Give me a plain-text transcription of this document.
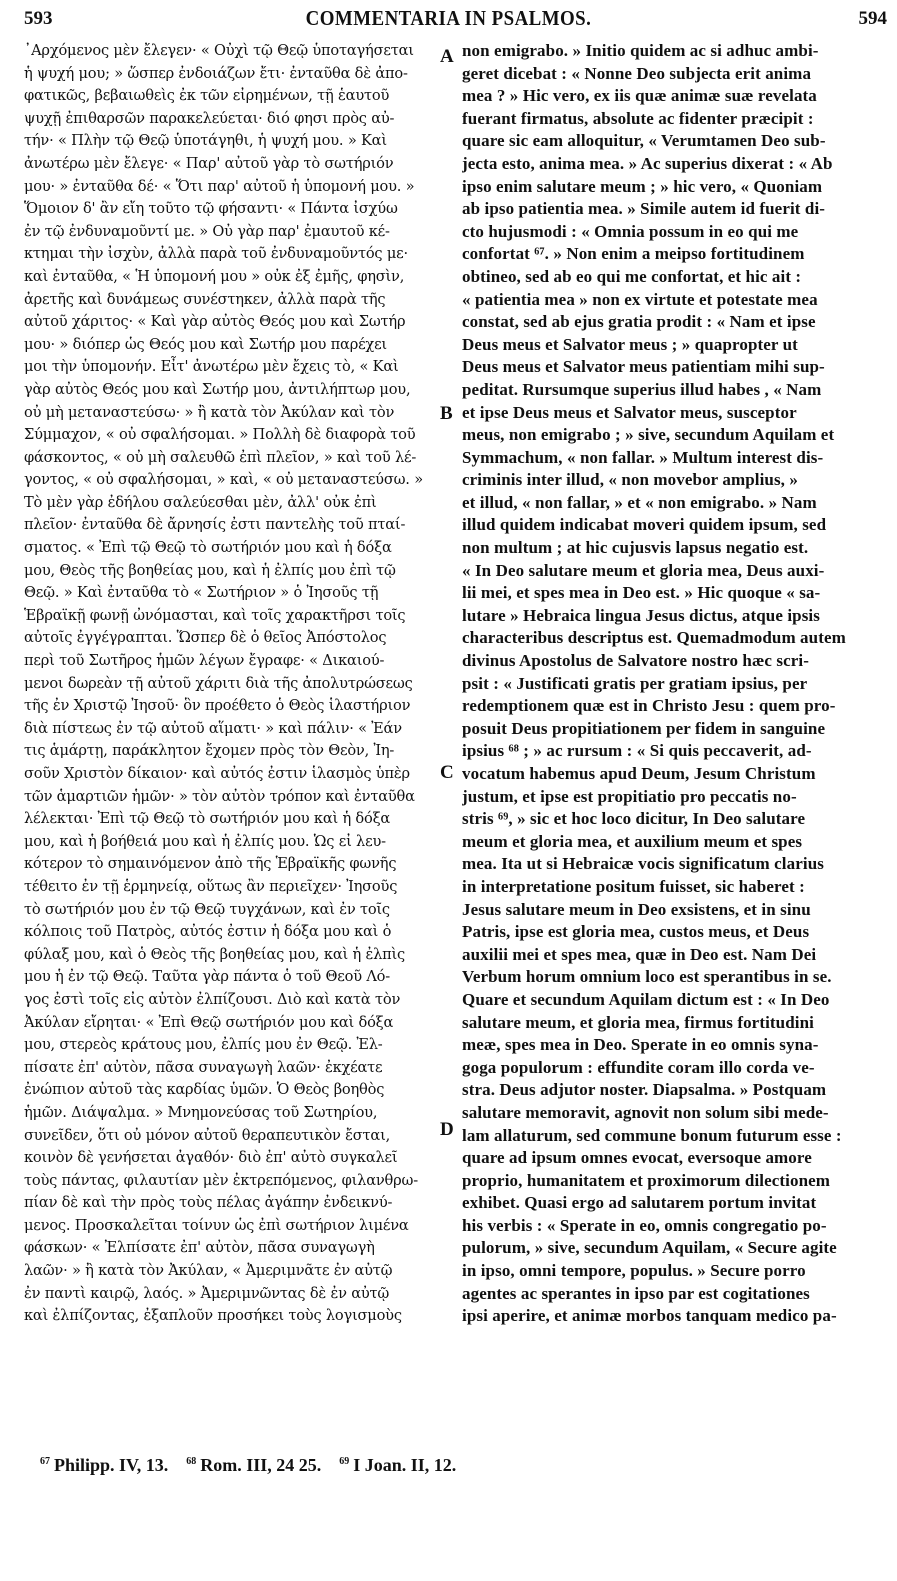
593	COMMENTARIA IN PSALMOS.	594
᾿Αρχόμενος μὲν ἔλεγεν· « Οὐχὶ τῷ Θεῷ ὑποταγήσεται
ἡ ψυχή μου; » ὥσπερ ἐνδοιάζων ἔτι· ἐνταῦθα δὲ ἀπο-
φατικῶς, βεβαιωθεὶς ἐκ τῶν εἰρημένων, τῇ ἑαυτοῦ
ψυχῇ ἐπιθαρσῶν παρακελεύεται· διό φησι πρὸς αὐ-
τήν· « Πλὴν τῷ Θεῷ ὑποτάγηθι, ἡ ψυχή μου. » Καὶ
ἀνωτέρω μὲν ἔλεγε· « Παρ' αὐτοῦ γὰρ τὸ σωτήριόν
μου· » ἐνταῦθα δέ· « Ὅτι παρ' αὐτοῦ ἡ ὑπομονή μου. »
Ὅμοιον δ' ἂν εἴη τοῦτο τῷ φήσαντι· « Πάντα ἰσχύω
ἐν τῷ ἐνδυναμοῦντί με. » Οὐ γὰρ παρ' ἐμαυτοῦ κέ-
κτημαι τὴν ἰσχὺν, ἀλλὰ παρὰ τοῦ ἐνδυναμοῦντός με·
καὶ ἐνταῦθα, « Ἡ ὑπομονή μου » οὐκ ἐξ ἐμῆς, φησὶν,
ἀρετῆς καὶ δυνάμεως συνέστηκεν, ἀλλὰ παρὰ τῆς
αὐτοῦ χάριτος· « Καὶ γὰρ αὐτὸς Θεός μου καὶ Σωτήρ
μου· » διόπερ ὡς Θεός μου καὶ Σωτήρ μου παρέχει
μοι τὴν ὑπομονήν. Εἶτ' ἀνωτέρω μὲν ἔχεις τὸ, « Καὶ
γὰρ αὐτὸς Θεός μου καὶ Σωτήρ μου, ἀντιλήπτωρ μου,
οὐ μὴ μεταναστεύσω· » ἢ κατὰ τὸν Ἀκύλαν καὶ τὸν
Σύμμαχον, « οὐ σφαλήσομαι. » Πολλὴ δὲ διαφορὰ τοῦ
φάσκοντος, « οὐ μὴ σαλευθῶ ἐπὶ πλεῖον, » καὶ τοῦ λέ-
γοντος, « οὐ σφαλήσομαι, » καὶ, « οὐ μεταναστεύσω. »
Τὸ μὲν γὰρ ἐδήλου σαλεύεσθαι μὲν, ἀλλ' οὐκ ἐπὶ
πλεῖον· ἐνταῦθα δὲ ἄρνησίς ἐστι παντελὴς τοῦ πταί-
σματος. « Ἐπὶ τῷ Θεῷ τὸ σωτήριόν μου καὶ ἡ δόξα
μου, Θεὸς τῆς βοηθείας μου, καὶ ἡ ἐλπίς μου ἐπὶ τῷ
Θεῷ. » Καὶ ἐνταῦθα τὸ « Σωτήριον » ὁ Ἰησοῦς τῇ
Ἑβραϊκῇ φωνῇ ὠνόμασται, καὶ τοῖς χαρακτῆρσι τοῖς
αὐτοῖς ἐγγέγραπται. Ὥσπερ δὲ ὁ θεῖος Ἀπόστολος
περὶ τοῦ Σωτῆρος ἡμῶν λέγων ἔγραφε· « Δικαιού-
μενοι δωρεὰν τῇ αὐτοῦ χάριτι διὰ τῆς ἀπολυτρώσεως
τῆς ἐν Χριστῷ Ἰησοῦ· ὃν προέθετο ὁ Θεὸς ἱλαστήριον
διὰ πίστεως ἐν τῷ αὐτοῦ αἵματι· » καὶ πάλιν· « Ἐάν
τις ἁμάρτῃ, παράκλητον ἔχομεν πρὸς τὸν Θεὸν, Ἰη-
σοῦν Χριστὸν δίκαιον· καὶ αὐτός ἐστιν ἱλασμὸς ὑπὲρ
τῶν ἁμαρτιῶν ἡμῶν· » τὸν αὐτὸν τρόπον καὶ ἐνταῦθα
λέλεκται· Ἐπὶ τῷ Θεῷ τὸ σωτήριόν μου καὶ ἡ δόξα
μου, καὶ ἡ βοήθειά μου καὶ ἡ ἐλπίς μου. Ὡς εἰ λευ-
κότερον τὸ σημαινόμενον ἀπὸ τῆς Ἑβραϊκῆς φωνῆς
τέθειτο ἐν τῇ ἑρμηνείᾳ, οὕτως ἂν περιεῖχεν· Ἰησοῦς
τὸ σωτήριόν μου ἐν τῷ Θεῷ τυγχάνων, καὶ ἐν τοῖς
κόλποις τοῦ Πατρὸς, αὐτός ἐστιν ἡ δόξα μου καὶ ὁ
φύλαξ μου, καὶ ὁ Θεὸς τῆς βοηθείας μου, καὶ ἡ ἐλπὶς
μου ἡ ἐν τῷ Θεῷ. Ταῦτα γὰρ πάντα ὁ τοῦ Θεοῦ Λό-
γος ἐστὶ τοῖς εἰς αὐτὸν ἐλπίζουσι. Διὸ καὶ κατὰ τὸν
Ἀκύλαν εἴρηται· « Ἐπὶ Θεῷ σωτήριόν μου καὶ δόξα
μου, στερεὸς κράτους μου, ἐλπίς μου ἐν Θεῷ. Ἐλ-
πίσατε ἐπ' αὐτὸν, πᾶσα συναγωγὴ λαῶν· ἐκχέατε
ἐνώπιον αὐτοῦ τὰς καρδίας ὑμῶν. Ὁ Θεὸς βοηθὸς
ἡμῶν. Διάψαλμα. » Μνημονεύσας τοῦ Σωτηρίου,
συνεῖδεν, ὅτι οὐ μόνον αὐτοῦ θεραπευτικὸν ἔσται,
κοινὸν δὲ γενήσεται ἀγαθόν· διὸ ἐπ' αὐτὸ συγκαλεῖ
τοὺς πάντας, φιλαυτίαν μὲν ἐκτρεπόμενος, φιλανθρω-
πίαν δὲ καὶ τὴν πρὸς τοὺς πέλας ἀγάπην ἐνδεικνύ-
μενος. Προσκαλεῖται τοίνυν ὡς ἐπὶ σωτήριον λιμένα
φάσκων· « Ἐλπίσατε ἐπ' αὐτὸν, πᾶσα συναγωγὴ
λαῶν· » ἢ κατὰ τὸν Ἀκύλαν, « Ἀμεριμνᾶτε ἐν αὐτῷ
ἐν παντὶ καιρῷ, λαός. » Ἀμεριμνῶντας δὲ ἐν αὐτῷ
καὶ ἐλπίζοντας, ἐξαπλοῦν προσήκει τοὺς λογισμοὺς
A
B
C
D
non emigrabo. » Initio quidem ac si adhuc ambi-
geret dicebat : « Nonne Deo subjecta erit anima
mea ? » Hic vero, ex iis quæ animæ suæ revelata
fuerant firmatus, absolute ac fidenter præcipit :
quare sic eam alloquitur, « Verumtamen Deo sub-
jecta esto, anima mea. » Ac superius dixerat : « Ab
ipso enim salutare meum ; » hic vero, « Quoniam
ab ipso patientia mea. » Simile autem id fuerit di-
cto hujusmodi : « Omnia possum in eo qui me
confortat ⁶⁷. » Non enim a meipso fortitudinem
obtineo, sed ab eo qui me confortat, et hic ait :
« patientia mea » non ex virtute et potestate mea
constat, sed ab ejus gratia prodit : « Nam et ipse
Deus meus et Salvator meus ; » quapropter ut
Deus meus et Salvator meus patientiam mihi sup-
peditat. Rursumque superius illud habes , « Nam
et ipse Deus meus et Salvator meus, susceptor
meus, non emigrabo ; » sive, secundum Aquilam et
Symmachum, « non fallar. » Multum interest dis-
criminis inter illud, « non movebor amplius, »
et illud, « non fallar, » et « non emigrabo. » Nam
illud quidem indicabat moveri quidem ipsum, sed
non multum ; at hic cujusvis lapsus negatio est.
« In Deo salutare meum et gloria mea, Deus auxi-
lii mei, et spes mea in Deo est. » Hic quoque « sa-
lutare » Hebraica lingua Jesus dictus, atque ipsis
characteribus descriptus est. Quemadmodum autem
divinus Apostolus de Salvatore nostro hæc scri-
psit : « Justificati gratis per gratiam ipsius, per
redemptionem quæ est in Christo Jesu : quem pro-
posuit Deus propitiationem per fidem in sanguine
ipsius ⁶⁸ ; » ac rursum : « Si quis peccaverit, ad-
vocatum habemus apud Deum, Jesum Christum
justum, et ipse est propitiatio pro peccatis no-
stris ⁶⁹, » sic et hoc loco dicitur, In Deo salutare
meum et gloria mea, et auxilium meum et spes
mea. Ita ut si Hebraicæ vocis significatum clarius
in interpretatione positum fuisset, sic haberet :
Jesus salutare meum in Deo exsistens, et in sinu
Patris, ipse est gloria mea, custos meus, et Deus
auxilii mei et spes mea, quæ in Deo est. Nam Dei
Verbum horum omnium loco est sperantibus in se.
Quare et secundum Aquilam dictum est : « In Deo
salutare meum, et gloria mea, firmus fortitudini
meæ, spes mea in Deo. Sperate in eo omnis syna-
goga populorum : effundite coram illo corda ve-
stra. Deus adjutor noster. Diapsalma. » Postquam
salutare memoravit, agnovit non solum sibi mede-
lam allaturum, sed commune bonum futurum esse :
quare ad ipsum omnes evocat, eversoque amore
proprio, humanitatem et proximorum dilectionem
exhibet. Quasi ergo ad salutarem portum invitat
his verbis : « Sperate in eo, omnis congregatio po-
pulorum, » sive, secundum Aquilam, « Secure agite
in ipso, omni tempore, populus. » Secure porro
agentes ac sperantes in ipso par est cogitationes
ipsi aperire, et animæ morbos tanquam medico pa-
$^{67}$ Philipp. IV, 13. $^{68}$ Rom. III, 24 25. $^{69}$ I Joan. II, 12.
